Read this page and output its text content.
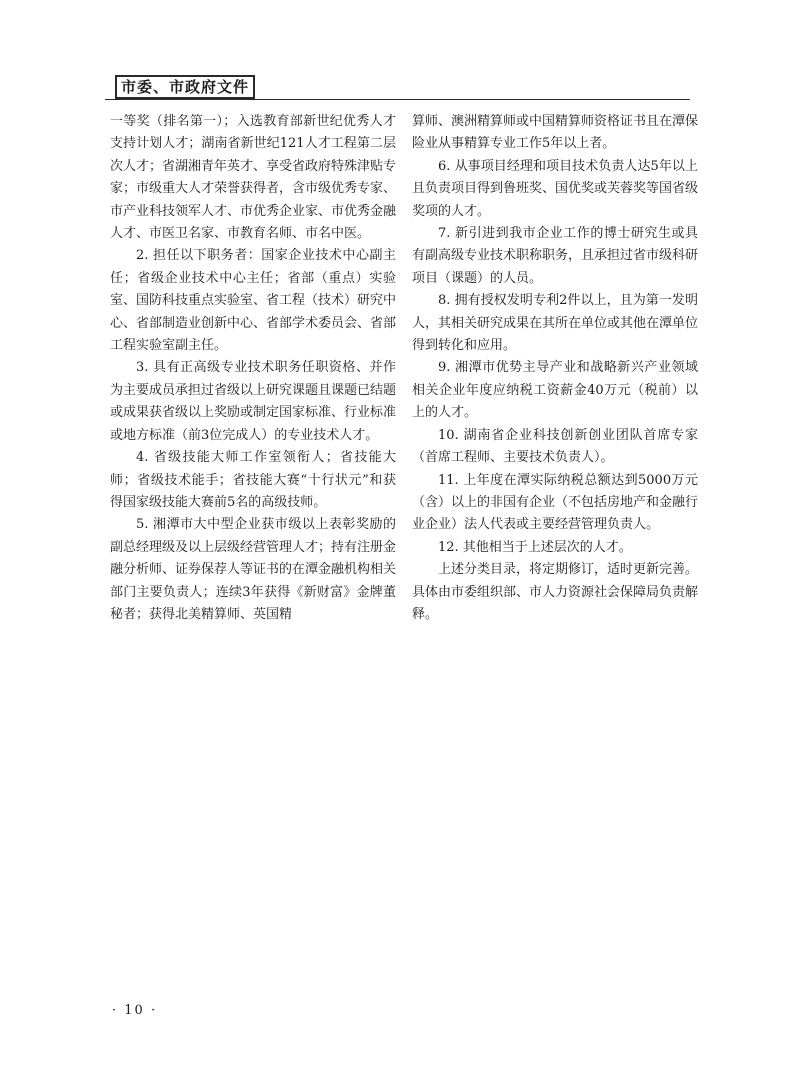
市委、市政府文件

一等奖（排名第一）；入选教育部新世纪优秀人才支持计划人才；湖南省新世纪121人才工程第二层次人才；省湖湘青年英才、享受省政府特殊津贴专家；市级重大人才荣誉获得者，含市级优秀专家、市产业科技领军人才、市优秀企业家、市优秀金融人才、市医卫名家、市教育名师、市名中医。

2. 担任以下职务者：国家企业技术中心副主任；省级企业技术中心主任；省部（重点）实验室、国防科技重点实验室、省工程（技术）研究中心、省部制造业创新中心、省部学术委员会、省部工程实验室副主任。

3. 具有正高级专业技术职务任职资格、并作为主要成员承担过省级以上研究课题且课题已结题或成果获省级以上奖励或制定国家标准、行业标准或地方标准（前3位完成人）的专业技术人才。

4. 省级技能大师工作室领衔人；省技能大师；省级技术能手；省技能大赛“十行状元”和获得国家级技能大赛前5名的高级技师。

5. 湘潭市大中型企业获市级以上表彰奖励的副总经理级及以上层级经营管理人才；持有注册金融分析师、证券保荐人等证书的在潭金融机构相关部门主要负责人；连续3年获得《新财富》金牌董秘者；获得北美精算师、英国精

算师、澳洲精算师或中国精算师资格证书且在潭保险业从事精算专业工作5年以上者。

6. 从事项目经理和项目技术负责人达5年以上且负责项目得到鲁班奖、国优奖或芙蓉奖等国省级奖项的人才。

7. 新引进到我市企业工作的博士研究生或具有副高级专业技术职称职务，且承担过省市级科研项目（课题）的人员。

8. 拥有授权发明专利2件以上，且为第一发明人，其相关研究成果在其所在单位或其他在潭单位得到转化和应用。

9. 湘潭市优势主导产业和战略新兴产业领域相关企业年度应纳税工资薪金40万元（税前）以上的人才。

10. 湖南省企业科技创新创业团队首席专家（首席工程师、主要技术负责人）。

11. 上年度在潭实际纳税总额达到5000万元（含）以上的非国有企业（不包括房地产和金融行业企业）法人代表或主要经营管理负责人。

12. 其他相当于上述层次的人才。

上述分类目录，将定期修订，适时更新完善。具体由市委组织部、市人力资源社会保障局负责解释。

· 10 ·
